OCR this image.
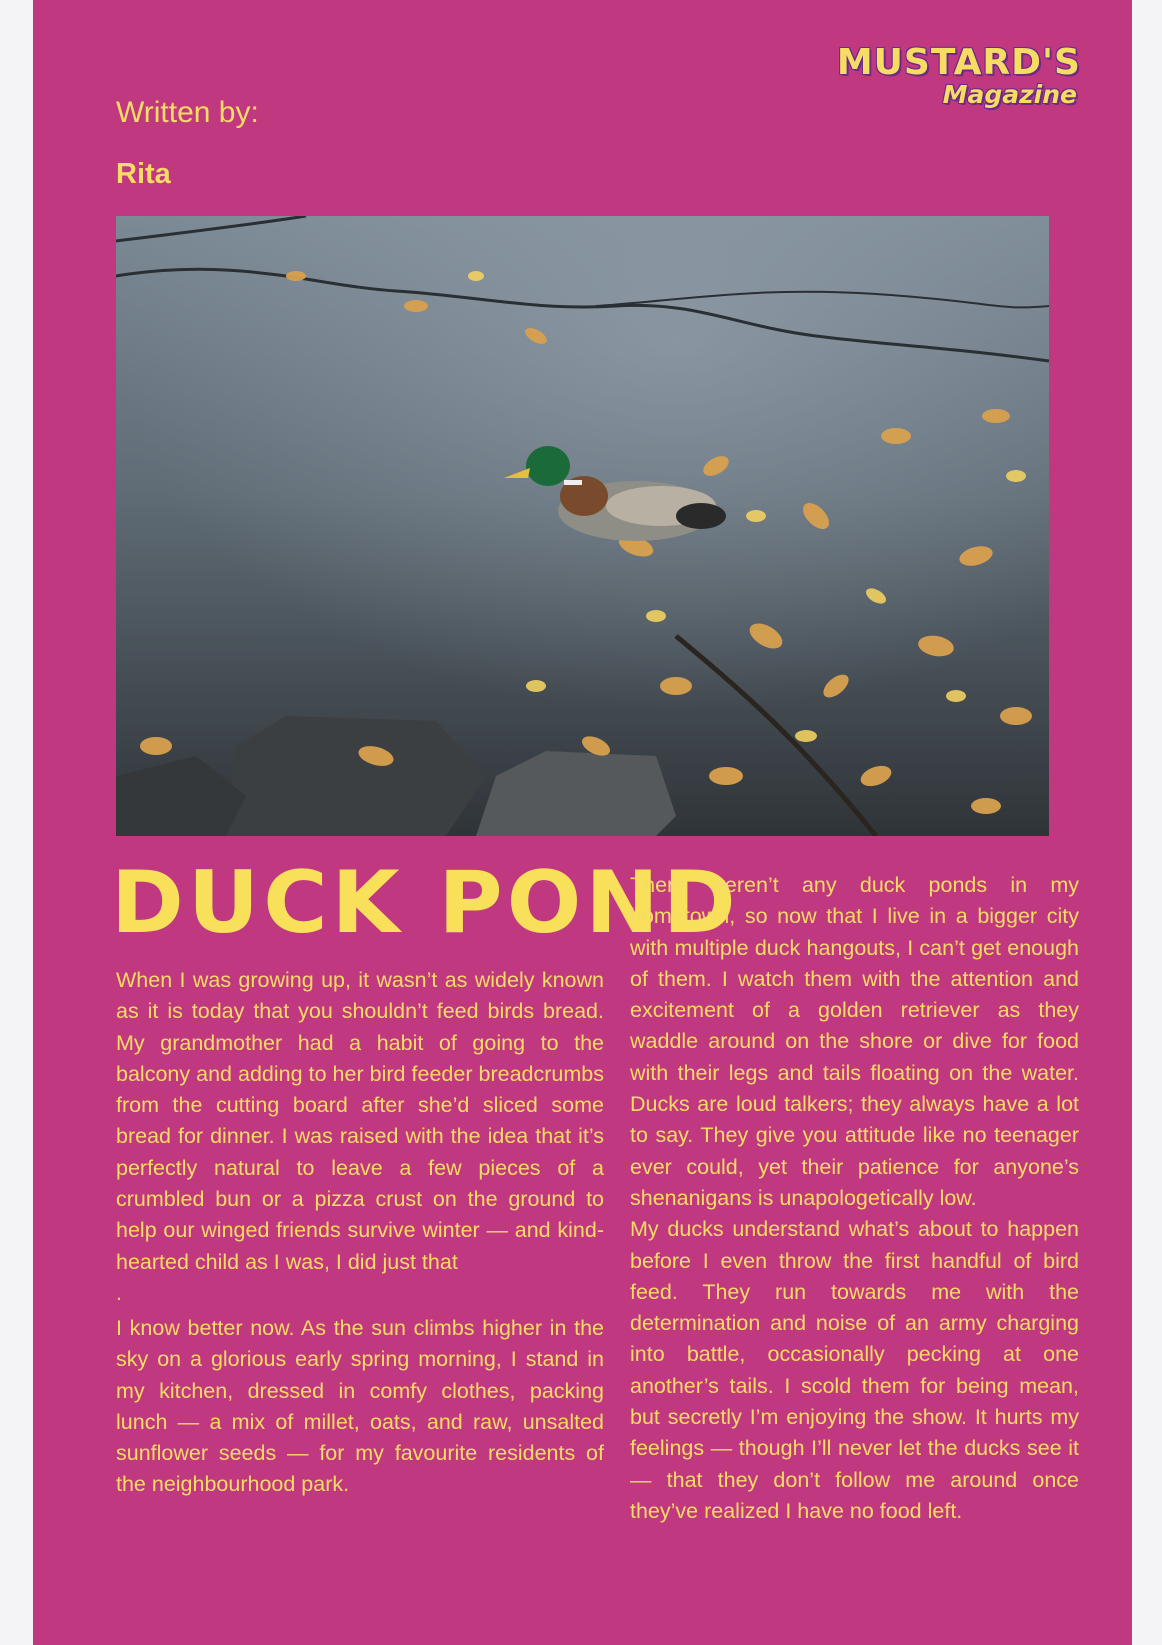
MUSTARD'S
Magazine
Written by:
Rita
DUCK POND

When I was growing up, it wasn’t as widely known as it is today that you shouldn’t feed birds bread. My grandmother had a habit of going to the balcony and adding to her bird feeder breadcrumbs from the cutting board after she’d sliced some bread for dinner. I was raised with the idea that it’s perfectly natural to leave a few pieces of a crumbled bun or a pizza crust on the ground to help our winged friends survive winter — and kind-hearted child as I was, I did just that

.

I know better now. As the sun climbs higher in the sky on a glorious early spring morning, I stand in my kitchen, dressed in comfy clothes, packing lunch — a mix of millet, oats, and raw, unsalted sunflower seeds — for my favourite residents of the neighbourhood park.

There weren’t any duck ponds in my hometown, so now that I live in a bigger city with multiple duck hangouts, I can’t get enough of them. I watch them with the attention and excitement of a golden retriever as they waddle around on the shore or dive for food with their legs and tails floating on the water. Ducks are loud talkers; they always have a lot to say. They give you attitude like no teenager ever could, yet their patience for anyone’s shenanigans is unapologetically low.

My ducks understand what’s about to happen before I even throw the first handful of bird feed. They run towards me with the determination and noise of an army charging into battle, occasionally pecking at one another’s tails. I scold them for being mean, but secretly I’m enjoying the show. It hurts my feelings — though I’ll never let the ducks see it — that they don’t follow me around once they’ve realized I have no food left.
